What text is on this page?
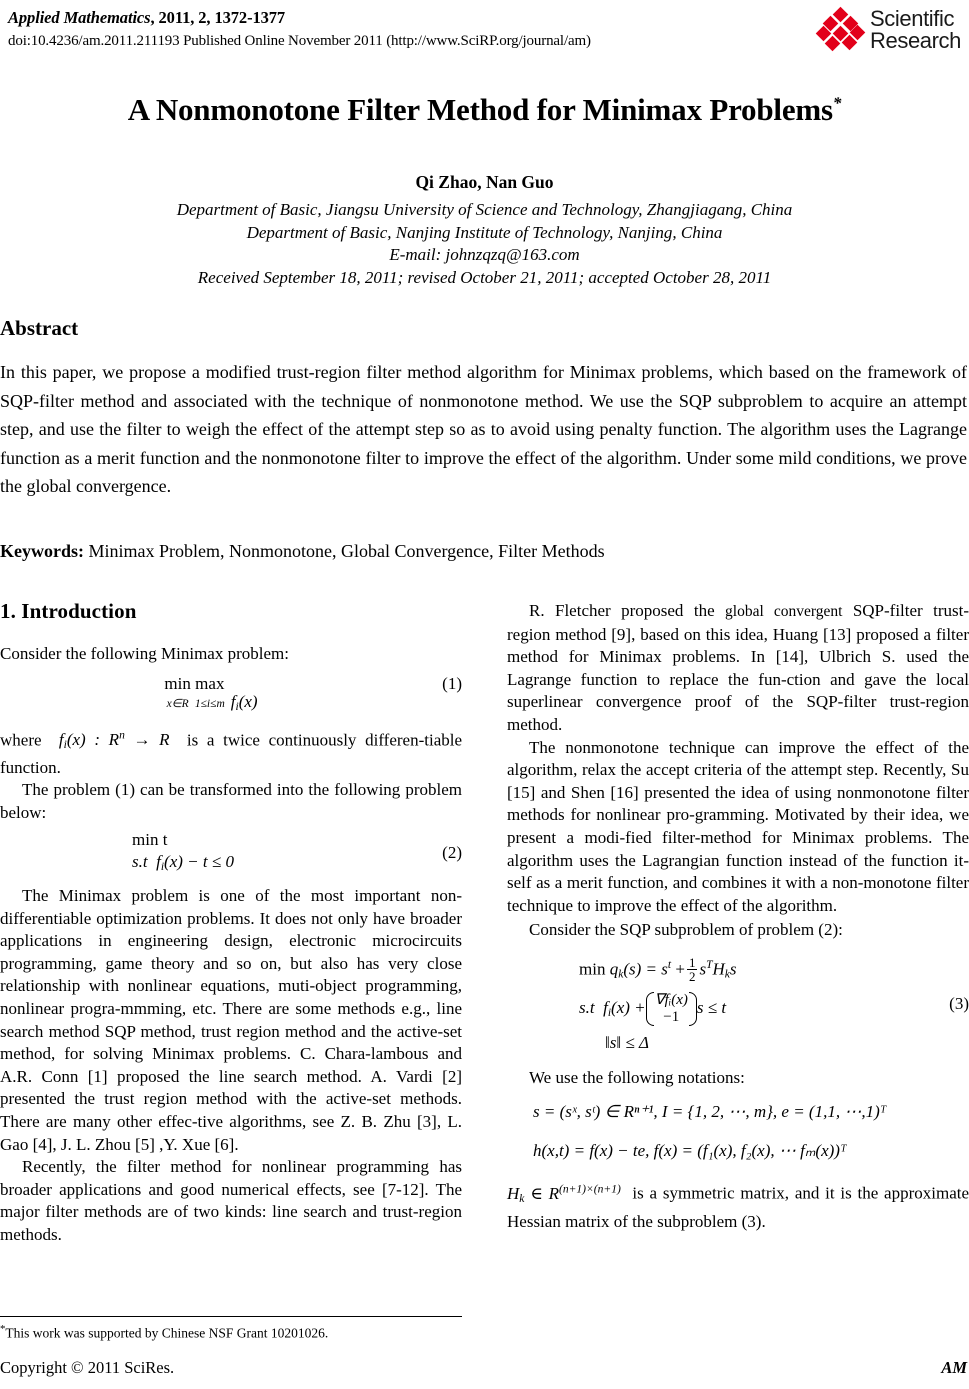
Applied Mathematics, 2011, 2, 1372-1377
doi:10.4236/am.2011.211193 Published Online November 2011 (http://www.SciRP.org/journal/am)
Scientific
Research
A Nonmonotone Filter Method for Minimax Problems*
Qi Zhao, Nan Guo
Department of Basic, Jiangsu University of Science and Technology, Zhangjiagang, China
Department of Basic, Nanjing Institute of Technology, Nanjing, China
E-mail: johnzqzq@163.com
Received September 18, 2011; revised October 21, 2011; accepted October 28, 2011
Abstract
In this paper, we propose a modified trust-region filter method algorithm for Minimax problems, which based on the framework of SQP-filter method and associated with the technique of nonmonotone method. We use the SQP subproblem to acquire an attempt step, and use the filter to weigh the effect of the attempt step so as to avoid using penalty function. The algorithm uses the Lagrange function as a merit function and the nonmonotone filter to improve the effect of the algorithm. Under some mild conditions, we prove the global convergence.
Keywords: Minimax Problem, Nonmonotone, Global Convergence, Filter Methods
1. Introduction

Consider the following Minimax problem:

min
x∈R
max
1≤i≤m $f_i(x)$
(1)

where $f_i(x)$ : $R^n \to R$ is a twice continuously differen-tiable function.

The problem (1) can be transformed into the following problem below:

min t
s.t $f_i(x) - t \le 0$	(2)

The Minimax problem is one of the most important non-differentiable optimization problems. It does not only have broader applications in engineering design, electronic microcircuits programming, game theory and so on, but also has very close relationship with nonlinear equations, muti-object programming, nonlinear progra-mmming, etc. There are some methods e.g., line search method SQP method, trust region method and the active-set method, for solving Minimax problems. C. Chara-lambous and A.R. Conn [1] proposed the line search method. A. Vardi [2] presented the trust region method with the active-set methods. There are many other effec-tive algorithms, see Z. B. Zhu [3], L. Gao [4], J. L. Zhou [5] ,Y. Xue [6].

Recently, the filter method for nonlinear programming has broader applications and good numerical effects, see [7-12]. The major filter methods are of two kinds: line search and trust-region methods.

R. Fletcher proposed the global convergent SQP-filter trust-region method [9], based on this idea, Huang [13] proposed a filter method for Minimax problems. In [14], Ulbrich S. used the Lagrange function to replace the fun-ction and gave the local superlinear convergence proof of the SQP-filter trust-region method.

The nonmonotone technique can improve the effect of the algorithm, relax the accept criteria of the attempt step. Recently, Su [15] and Shen [16] presented the idea of using nonmonotone filter methods for nonlinear pro-gramming. Motivated by their idea, we present a modi-fied filter-method for Minimax problems. The algorithm uses the Lagrangian function instead of the function it-self as a merit function, and combines it with a non-monotone filter technique to improve the effect of the algorithm.

Consider the SQP subproblem of problem (2):

$\min q_k(s) = s^t + \frac{1}{2} s^TH_ks$
s.t $f_i(x)$ + ∇fᵢ(x)
−1
s ≤ t
‖s‖ ≤ Δ
(3)

We use the following notations:

s = (sˣ, sᵗ) ∈ Rⁿ⁺¹, I = {1, 2, ⋯, m}, e = (1,1, ⋯,1)ᵀ
h(x,t) = f(x) − te, f(x) = (f₁(x), f₂(x), ⋯ fₘ(x))ᵀ

$H_k$ ∈ $R^{(n+1)\times(n+1)}$ is a symmetric matrix, and it is the approximate Hessian matrix of the subproblem (3).

*This work was supported by Chinese NSF Grant 10201026.
Copyright © 2011 SciRes.	AM
